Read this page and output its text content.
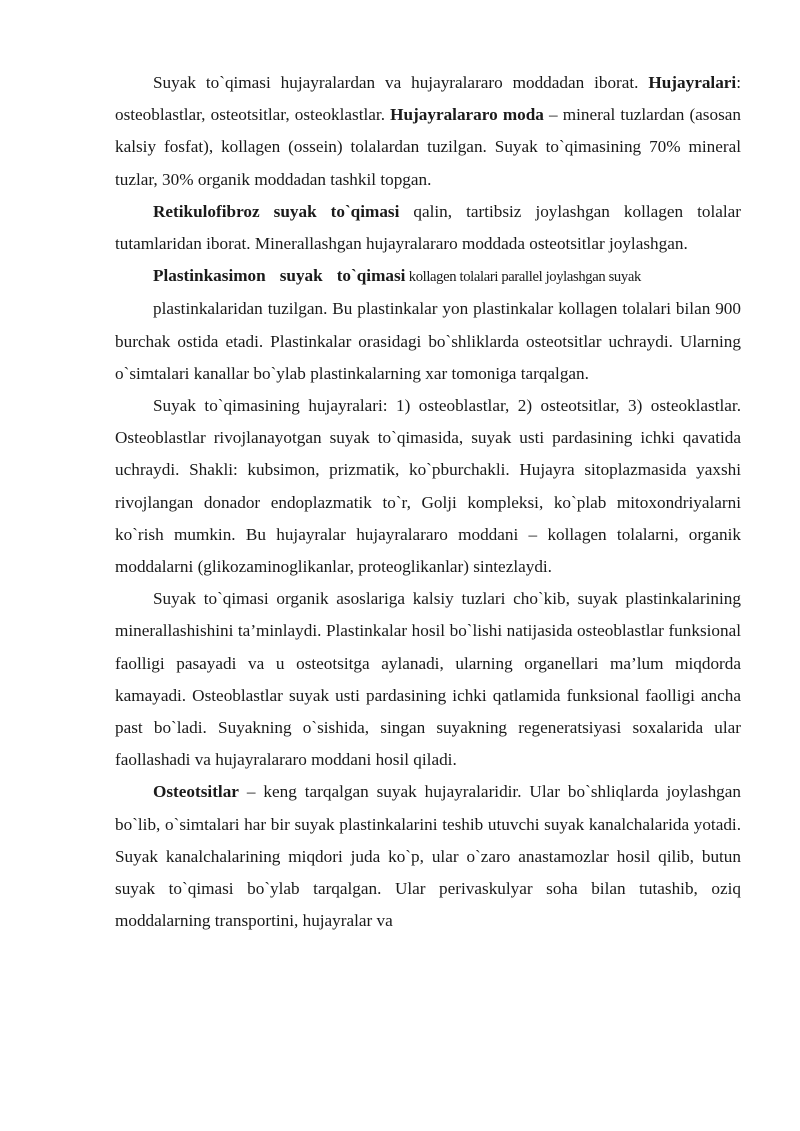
Suyak to`qimasi hujayralardan va hujayralararo moddadan iborat. Hujayralari: osteoblastlar, osteotsitlar, osteoklastlar. Hujayralararo moda – mineral tuzlardan (asosan kalsiy fosfat), kollagen (ossein) tolalardan tuzilgan. Suyak to`qimasining 70% mineral tuzlar, 30% organik moddadan tashkil topgan.

Retikulofibroz suyak to`qimasi qalin, tartibsiz joylashgan kollagen tolalar tutamlaridan iborat. Minerallashgan hujayralararo moddada osteotsitlar joylashgan.

Plastinkasimon suyak to`qimasi kollagen tolalari parallel joylashgan suyak

plastinkalaridan tuzilgan. Bu plastinkalar yon plastinkalar kollagen tolalari bilan 900 burchak ostida etadi. Plastinkalar orasidagi bo`shliklarda osteotsitlar uchraydi. Ularning o`simtalari kanallar bo`ylab plastinkalarning xar tomoniga tarqalgan.

Suyak to`qimasining hujayralari: 1) osteoblastlar, 2) osteotsitlar, 3) osteoklastlar. Osteoblastlar rivojlanayotgan suyak to`qimasida, suyak usti pardasining ichki qavatida uchraydi. Shakli: kubsimon, prizmatik, ko`pburchakli. Hujayra sitoplazmasida yaxshi rivojlangan donador endoplazmatik to`r, Golji kompleksi, ko`plab mitoxondriyalarni ko`rish mumkin. Bu hujayralar hujayralararo moddani – kollagen tolalarni, organik moddalarni (glikozaminoglikanlar, proteoglikanlar) sintezlaydi.

Suyak to`qimasi organik asoslariga kalsiy tuzlari cho`kib, suyak plastinkalarining minerallashishini ta’minlaydi. Plastinkalar hosil bo`lishi natijasida osteoblastlar funksional faolligi pasayadi va u osteotsitga aylanadi, ularning organellari ma’lum miqdorda kamayadi. Osteoblastlar suyak usti pardasining ichki qatlamida funksional faolligi ancha past bo`ladi. Suyakning o`sishida, singan suyakning regeneratsiyasi soxalarida ular faollashadi va hujayralararo moddani hosil qiladi.

Osteotsitlar – keng tarqalgan suyak hujayralaridir. Ular bo`shliqlarda joylashgan bo`lib, o`simtalari har bir suyak plastinkalarini teshib utuvchi suyak kanalchalarida yotadi. Suyak kanalchalarining miqdori juda ko`p, ular o`zaro anastamozlar hosil qilib, butun suyak to`qimasi bo`ylab tarqalgan. Ular perivaskulyar soha bilan tutashib, oziq moddalarning transportini, hujayralar va
